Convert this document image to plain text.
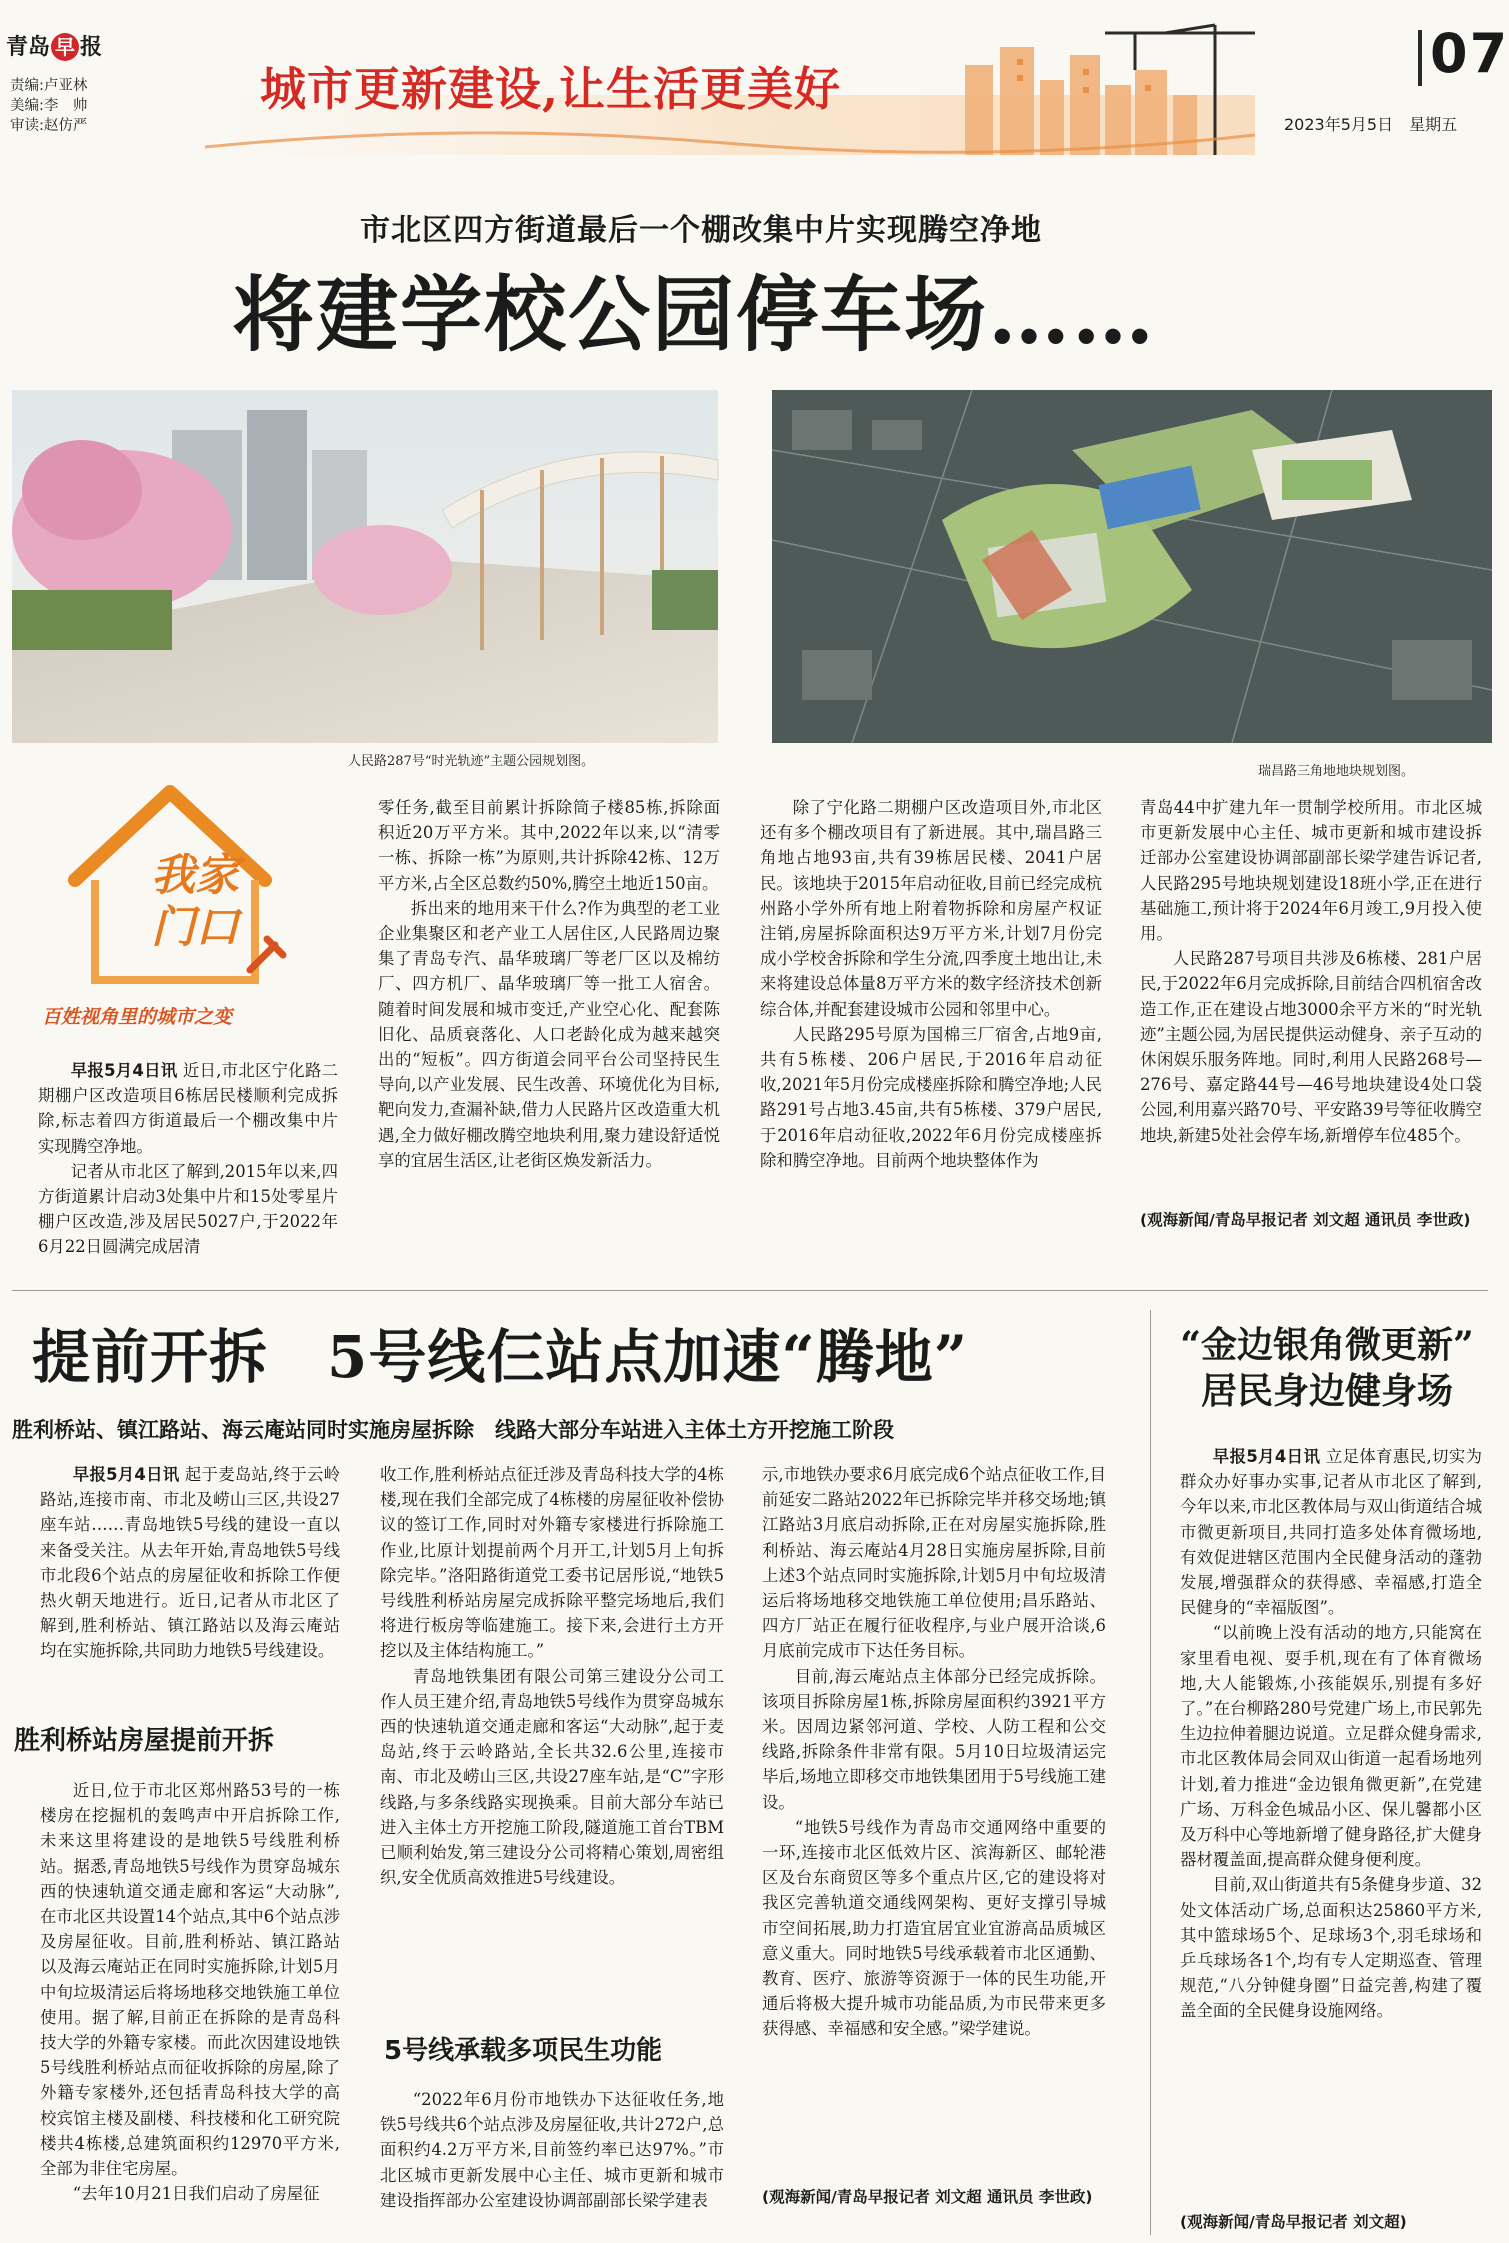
青岛 早 报
责编:卢亚林
美编:李　帅
审读:赵仿严
城市更新建设,让生活更美好
07
2023年5月5日　星期五
市北区四方街道最后一个棚改集中片实现腾空净地
将建学校公园停车场……
人民路287号“时光轨迹”主题公园规划图。
瑞昌路三角地地块规划图。
我家
门口
百姓视角里的城市之变

早报5月4日讯 近日,市北区宁化路二期棚户区改造项目6栋居民楼顺利完成拆除,标志着四方街道最后一个棚改集中片实现腾空净地。

记者从市北区了解到,2015年以来,四方街道累计启动3处集中片和15处零星片棚户区改造,涉及居民5027户,于2022年6月22日圆满完成居清

零任务,截至目前累计拆除筒子楼85栋,拆除面积近20万平方米。其中,2022年以来,以“清零一栋、拆除一栋”为原则,共计拆除42栋、12万平方米,占全区总数约50%,腾空土地近150亩。

拆出来的地用来干什么?作为典型的老工业企业集聚区和老产业工人居住区,人民路周边聚集了青岛专汽、晶华玻璃厂等老厂区以及棉纺厂、四方机厂、晶华玻璃厂等一批工人宿舍。随着时间发展和城市变迁,产业空心化、配套陈旧化、品质衰落化、人口老龄化成为越来越突出的“短板”。四方街道会同平台公司坚持民生导向,以产业发展、民生改善、环境优化为目标,靶向发力,查漏补缺,借力人民路片区改造重大机遇,全力做好棚改腾空地块利用,聚力建设舒适悦享的宜居生活区,让老街区焕发新活力。

除了宁化路二期棚户区改造项目外,市北区还有多个棚改项目有了新进展。其中,瑞昌路三角地占地93亩,共有39栋居民楼、2041户居民。该地块于2015年启动征收,目前已经完成杭州路小学外所有地上附着物拆除和房屋产权证注销,房屋拆除面积达9万平方米,计划7月份完成小学校舍拆除和学生分流,四季度土地出让,未来将建设总体量8万平方米的数字经济技术创新综合体,并配套建设城市公园和邻里中心。

人民路295号原为国棉三厂宿舍,占地9亩,共有5栋楼、206户居民,于2016年启动征收,2021年5月份完成楼座拆除和腾空净地;人民路291号占地3.45亩,共有5栋楼、379户居民,于2016年启动征收,2022年6月份完成楼座拆除和腾空净地。目前两个地块整体作为

青岛44中扩建九年一贯制学校所用。市北区城市更新发展中心主任、城市更新和城市建设拆迁部办公室建设协调部副部长梁学建告诉记者,人民路295号地块规划建设18班小学,正在进行基础施工,预计将于2024年6月竣工,9月投入使用。

人民路287号项目共涉及6栋楼、281户居民,于2022年6月完成拆除,目前结合四机宿舍改造工作,正在建设占地3000余平方米的“时光轨迹”主题公园,为居民提供运动健身、亲子互动的休闲娱乐服务阵地。同时,利用人民路268号—276号、嘉定路44号—46号地块建设4处口袋公园,利用嘉兴路70号、平安路39号等征收腾空地块,新建5处社会停车场,新增停车位485个。

(观海新闻/青岛早报记者 刘文超 通讯员 李世政)
提前开拆　5号线仨站点加速“腾地”
胜利桥站、镇江路站、海云庵站同时实施房屋拆除　线路大部分车站进入主体土方开挖施工阶段

早报5月4日讯 起于麦岛站,终于云岭路站,连接市南、市北及崂山三区,共设27座车站……青岛地铁5号线的建设一直以来备受关注。从去年开始,青岛地铁5号线市北段6个站点的房屋征收和拆除工作便热火朝天地进行。近日,记者从市北区了解到,胜利桥站、镇江路站以及海云庵站均在实施拆除,共同助力地铁5号线建设。

胜利桥站房屋提前开拆

近日,位于市北区郑州路53号的一栋楼房在挖掘机的轰鸣声中开启拆除工作,未来这里将建设的是地铁5号线胜利桥站。据悉,青岛地铁5号线作为贯穿岛城东西的快速轨道交通走廊和客运“大动脉”,在市北区共设置14个站点,其中6个站点涉及房屋征收。目前,胜利桥站、镇江路站以及海云庵站正在同时实施拆除,计划5月中旬垃圾清运后将场地移交地铁施工单位使用。据了解,目前正在拆除的是青岛科技大学的外籍专家楼。而此次因建设地铁5号线胜利桥站点而征收拆除的房屋,除了外籍专家楼外,还包括青岛科技大学的高校宾馆主楼及副楼、科技楼和化工研究院楼共4栋楼,总建筑面积约12970平方米,全部为非住宅房屋。

“去年10月21日我们启动了房屋征

收工作,胜利桥站点征迁涉及青岛科技大学的4栋楼,现在我们全部完成了4栋楼的房屋征收补偿协议的签订工作,同时对外籍专家楼进行拆除施工作业,比原计划提前两个月开工,计划5月上旬拆除完毕。”洛阳路街道党工委书记居彤说,“地铁5号线胜利桥站房屋完成拆除平整完场地后,我们将进行板房等临建施工。接下来,会进行土方开挖以及主体结构施工。”

青岛地铁集团有限公司第三建设分公司工作人员王建介绍,青岛地铁5号线作为贯穿岛城东西的快速轨道交通走廊和客运“大动脉”,起于麦岛站,终于云岭路站,全长共32.6公里,连接市南、市北及崂山三区,共设27座车站,是“C”字形线路,与多条线路实现换乘。目前大部分车站已进入主体土方开挖施工阶段,隧道施工首台TBM已顺利始发,第三建设分公司将精心策划,周密组织,安全优质高效推进5号线建设。

5号线承载多项民生功能

“2022年6月份市地铁办下达征收任务,地铁5号线共6个站点涉及房屋征收,共计272户,总面积约4.2万平方米,目前签约率已达97%。”市北区城市更新发展中心主任、城市更新和城市建设指挥部办公室建设协调部副部长梁学建表

示,市地铁办要求6月底完成6个站点征收工作,目前延安二路站2022年已拆除完毕并移交场地;镇江路站3月底启动拆除,正在对房屋实施拆除,胜利桥站、海云庵站4月28日实施房屋拆除,目前上述3个站点同时实施拆除,计划5月中旬垃圾清运后将场地移交地铁施工单位使用;昌乐路站、四方厂站正在履行征收程序,与业户展开洽谈,6月底前完成市下达任务目标。

目前,海云庵站点主体部分已经完成拆除。该项目拆除房屋1栋,拆除房屋面积约3921平方米。因周边紧邻河道、学校、人防工程和公交线路,拆除条件非常有限。5月10日垃圾清运完毕后,场地立即移交市地铁集团用于5号线施工建设。

“地铁5号线作为青岛市交通网络中重要的一环,连接市北区低效片区、滨海新区、邮轮港区及台东商贸区等多个重点片区,它的建设将对我区完善轨道交通线网架构、更好支撑引导城市空间拓展,助力打造宜居宜业宜游高品质城区意义重大。同时地铁5号线承载着市北区通勤、教育、医疗、旅游等资源于一体的民生功能,开通后将极大提升城市功能品质,为市民带来更多获得感、幸福感和安全感。”梁学建说。

(观海新闻/青岛早报记者 刘文超 通讯员 李世政)
“金边银角微更新”
居民身边健身场

早报5月4日讯 立足体育惠民,切实为群众办好事办实事,记者从市北区了解到,今年以来,市北区教体局与双山街道结合城市微更新项目,共同打造多处体育微场地,有效促进辖区范围内全民健身活动的蓬勃发展,增强群众的获得感、幸福感,打造全民健身的“幸福版图”。

“以前晚上没有活动的地方,只能窝在家里看电视、耍手机,现在有了体育微场地,大人能锻炼,小孩能娱乐,别提有多好了。”在台柳路280号党建广场上,市民郭先生边拉伸着腿边说道。立足群众健身需求,市北区教体局会同双山街道一起看场地列计划,着力推进“金边银角微更新”,在党建广场、万科金色城品小区、保儿馨都小区及万科中心等地新增了健身路径,扩大健身器材覆盖面,提高群众健身便利度。

目前,双山街道共有5条健身步道、32处文体活动广场,总面积达25860平方米,其中篮球场5个、足球场3个,羽毛球场和乒乓球场各1个,均有专人定期巡查、管理规范,“八分钟健身圈”日益完善,构建了覆盖全面的全民健身设施网络。

(观海新闻/青岛早报记者 刘文超)
